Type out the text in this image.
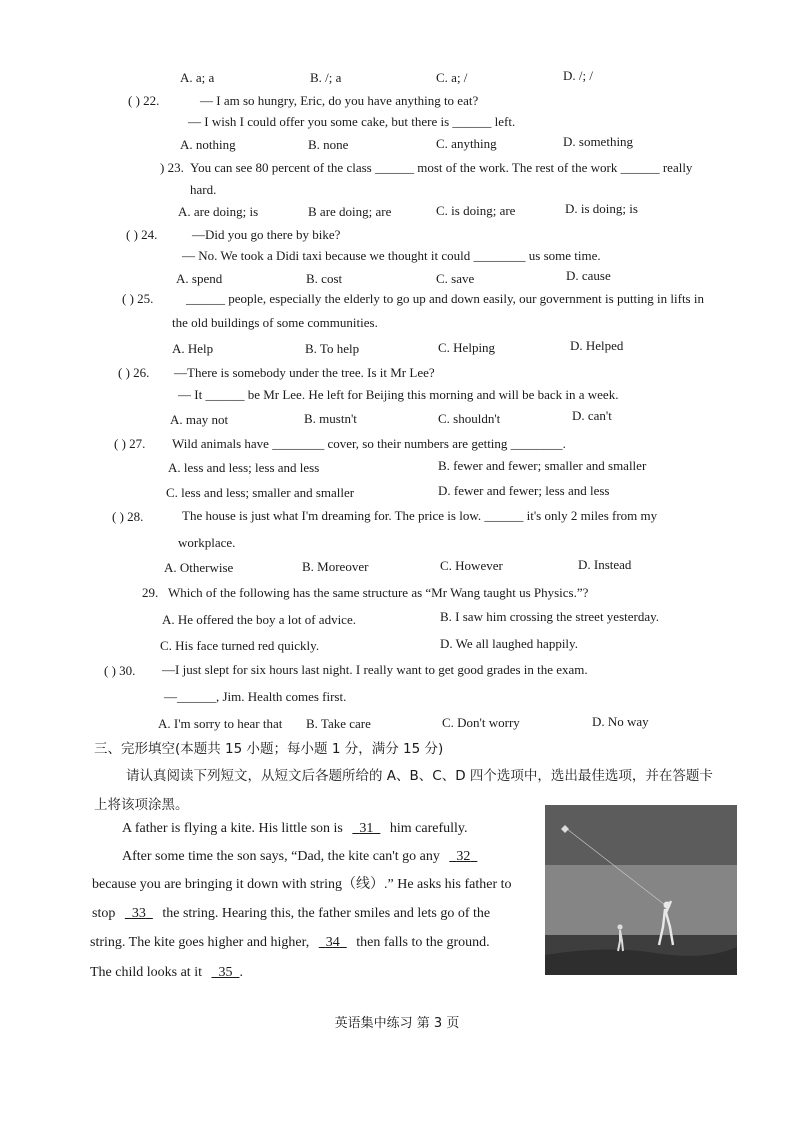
A. a; a	B. /; a	C. a; /	D. /; /
( ) 22.	— I am so hungry, Eric, do you have anything to eat?
— I wish I could offer you some cake, but there is ______ left.
A. nothing	B. none	C. anything	D. something
) 23. You can see 80 percent of the class ______ most of the work. The rest of the work ______ really
hard.
A. are doing; is	B are doing; are	C. is doing; are	D. is doing; is
( ) 24.	—Did you go there by bike?
— No. We took a Didi taxi because we thought it could ________ us some time.
A. spend	B. cost	C. save	D. cause
( ) 25.	______ people, especially the elderly to go up and down easily, our government is putting in lifts in
the old buildings of some communities.
A. Help	B. To help	C. Helping	D. Helped
( ) 26. —There is somebody under the tree. Is it Mr Lee?
— It ______ be Mr Lee. He left for Beijing this morning and will be back in a week.
A. may not	B. mustn't	C. shouldn't	D. can't
( ) 27. Wild animals have ________ cover, so their numbers are getting ________.
A. less and less; less and less	B. fewer and fewer; smaller and smaller
C. less and less; smaller and smaller	D. fewer and fewer; less and less
( ) 28.	The house is just what I'm dreaming for. The price is low. ______ it's only 2 miles from my
workplace.
A. Otherwise	B. Moreover	C. However	D. Instead
29. Which of the following has the same structure as “Mr Wang taught us Physics.”?
A. He offered the boy a lot of advice.	B. I saw him crossing the street yesterday.
C. His face turned red quickly.	D. We all laughed happily.
( ) 30. —I just slept for six hours last night. I really want to get good grades in the exam.
—______, Jim. Health comes first.
A. I'm sorry to hear that B. Take care	C. Don't worry	D. No way
三、完形填空(本题共 15 小题；每小题 1 分，满分 15 分)
请认真阅读下列短文，从短文后各题所给的 A、B、C、D 四个选项中，选出最佳选项，并在答题卡
上将该项涂黑。
A father is flying a kite. His little son is 31 him carefully.
After some time the son says, “Dad, the kite can't go any 32
because you are bringing it down with string（线）.” He asks his father to
stop 33 the string. Hearing this, the father smiles and lets go of the
string. The kite goes higher and higher, 34 then falls to the ground.
The child looks at it 35 .
英语集中练习 第 3 页
